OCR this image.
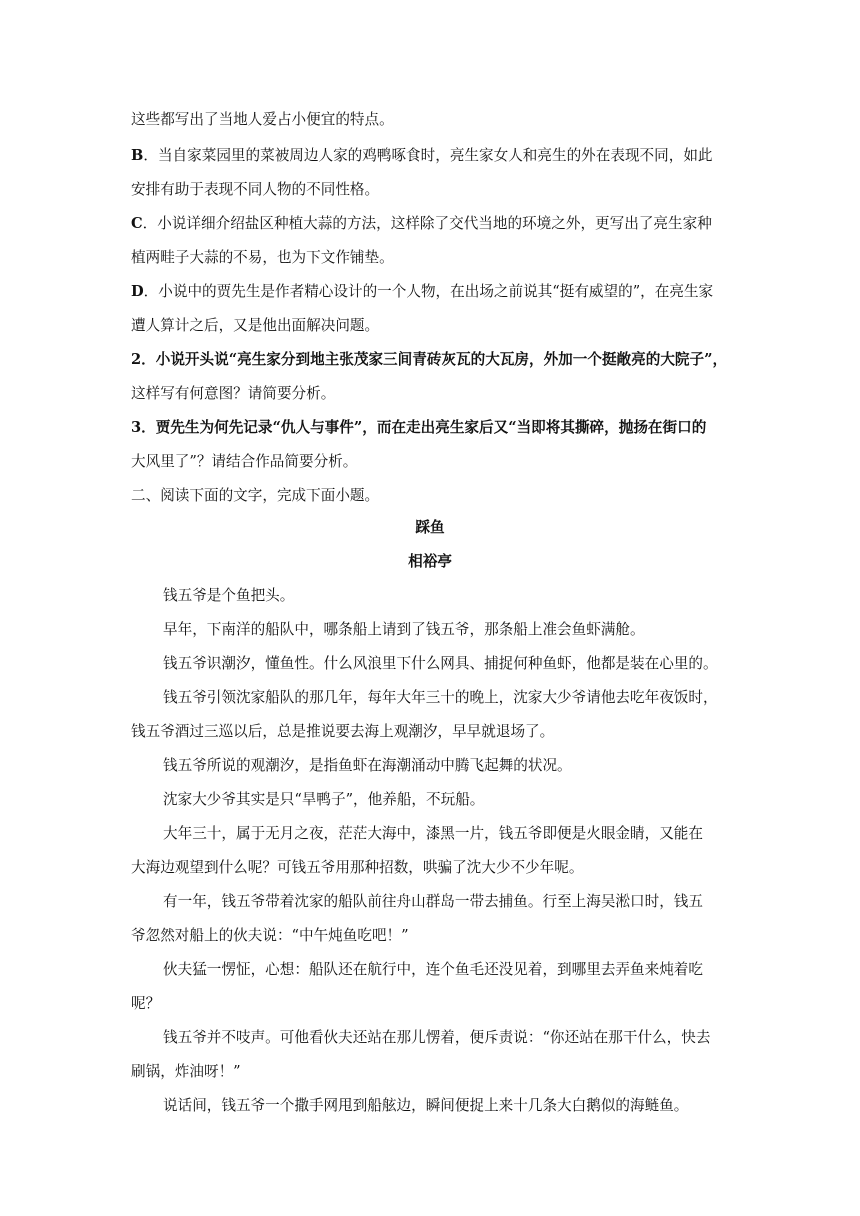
这些都写出了当地人爱占小便宜的特点。
B．当自家菜园里的菜被周边人家的鸡鸭啄食时，亮生家女人和亮生的外在表现不同，如此
安排有助于表现不同人物的不同性格。
C．小说详细介绍盐区种植大蒜的方法，这样除了交代当地的环境之外，更写出了亮生家种
植两畦子大蒜的不易，也为下文作铺垫。
D．小说中的贾先生是作者精心设计的一个人物，在出场之前说其“挺有威望的”，在亮生家
遭人算计之后，又是他出面解决问题。
2．小说开头说“亮生家分到地主张茂家三间青砖灰瓦的大瓦房，外加一个挺敞亮的大院子”，
这样写有何意图？请简要分析。
3．贾先生为何先记录“仇人与事件”，而在走出亮生家后又“当即将其撕碎，抛扬在街口的
大风里了”？请结合作品简要分析。
二、阅读下面的文字，完成下面小题。
踩鱼
相裕亭
钱五爷是个鱼把头。
早年，下南洋的船队中，哪条船上请到了钱五爷，那条船上准会鱼虾满舱。
钱五爷识潮汐，懂鱼性。什么风浪里下什么网具、捕捉何种鱼虾，他都是装在心里的。
钱五爷引领沈家船队的那几年，每年大年三十的晚上，沈家大少爷请他去吃年夜饭时，
钱五爷酒过三巡以后，总是推说要去海上观潮汐，早早就退场了。
钱五爷所说的观潮汐，是指鱼虾在海潮涌动中腾飞起舞的状况。
沈家大少爷其实是只“旱鸭子”，他养船，不玩船。
大年三十，属于无月之夜，茫茫大海中，漆黑一片，钱五爷即便是火眼金睛，又能在
大海边观望到什么呢？可钱五爷用那种招数，哄骗了沈大少不少年呢。
有一年，钱五爷带着沈家的船队前往舟山群岛一带去捕鱼。行至上海吴淞口时，钱五
爷忽然对船上的伙夫说：“中午炖鱼吃吧！”
伙夫猛一愣怔，心想：船队还在航行中，连个鱼毛还没见着，到哪里去弄鱼来炖着吃
呢？
钱五爷并不吱声。可他看伙夫还站在那儿愣着，便斥责说：“你还站在那干什么，快去
刷锅，炸油呀！”
说话间，钱五爷一个撒手网甩到船舷边，瞬间便捉上来十几条大白鹅似的海鲢鱼。
